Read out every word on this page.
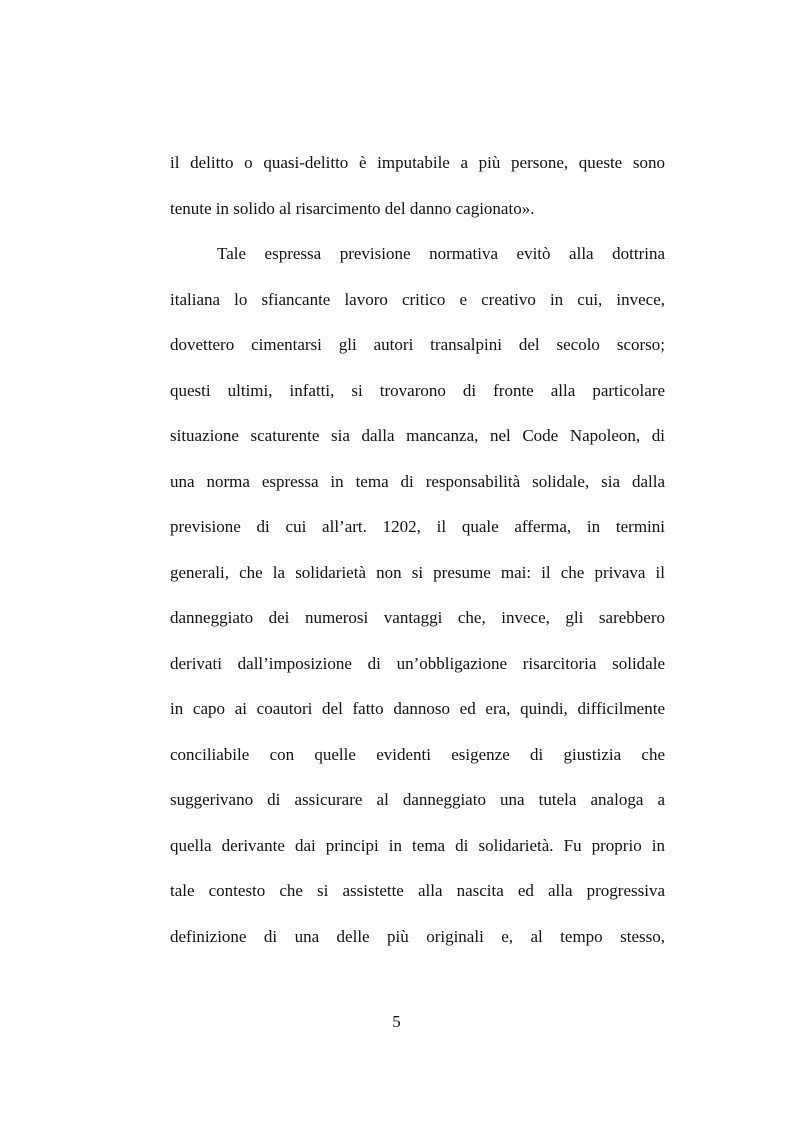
il delitto o quasi-delitto è imputabile a più persone, queste sono
tenute in solido al risarcimento del danno cagionato».
Tale espressa previsione normativa evitò alla dottrina
italiana lo sfiancante lavoro critico e creativo in cui, invece,
dovettero cimentarsi gli autori transalpini del secolo scorso;
questi ultimi, infatti, si trovarono di fronte alla particolare
situazione scaturente sia dalla mancanza, nel Code Napoleon, di
una norma espressa in tema di responsabilità solidale, sia dalla
previsione di cui all’art. 1202, il quale afferma, in termini
generali, che la solidarietà non si presume mai: il che privava il
danneggiato dei numerosi vantaggi che, invece, gli sarebbero
derivati dall’imposizione di un’obbligazione risarcitoria solidale
in capo ai coautori del fatto dannoso ed era, quindi, difficilmente
conciliabile con quelle evidenti esigenze di giustizia che
suggerivano di assicurare al danneggiato una tutela analoga a
quella derivante dai principi in tema di solidarietà. Fu proprio in
tale contesto che si assistette alla nascita ed alla progressiva
definizione di una delle più originali e, al tempo stesso,
5
